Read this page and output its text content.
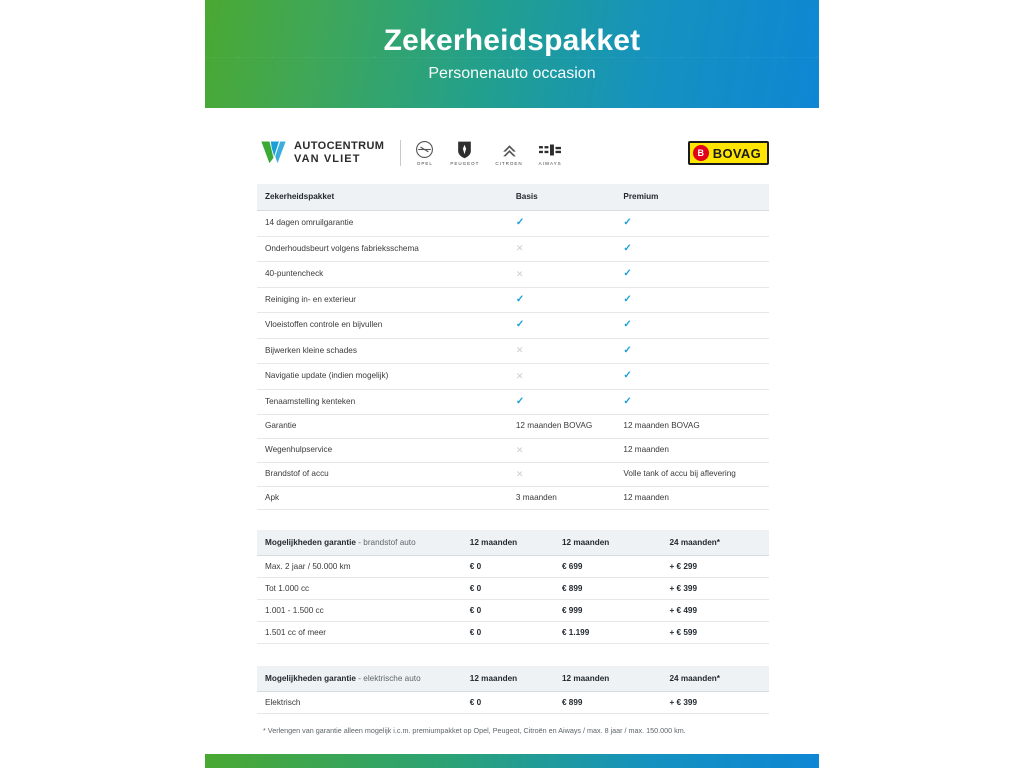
Zekerheidspakket
Personenauto occasion
AUTOCENTRUM
VAN VLIET	OPEL	PEUGEOT	CITROEN	AIWAYS
B BOVAG
Zekerheidspakket	Basis	Premium
14 dagen omruilgarantie	✓	✓
Onderhoudsbeurt volgens fabrieksschema	✕	✓
40-puntencheck	✕	✓
Reiniging in- en exterieur	✓	✓
Vloeistoffen controle en bijvullen	✓	✓
Bijwerken kleine schades	✕	✓
Navigatie update (indien mogelijk)	✕	✓
Tenaamstelling kenteken	✓	✓
Garantie	12 maanden BOVAG	12 maanden BOVAG
Wegenhulpservice	✕	12 maanden
Brandstof of accu	✕	Volle tank of accu bij aflevering
Apk	3 maanden	12 maanden
Mogelijkheden garantie - brandstof auto	12 maanden	12 maanden	24 maanden*
Max. 2 jaar / 50.000 km	€ 0	€ 699	+ € 299
Tot 1.000 cc	€ 0	€ 899	+ € 399
1.001 - 1.500 cc	€ 0	€ 999	+ € 499
1.501 cc of meer	€ 0	€ 1.199	+ € 599
Mogelijkheden garantie - elektrische auto	12 maanden	12 maanden	24 maanden*
Elektrisch	€ 0	€ 899	+ € 399
* Verlengen van garantie alleen mogelijk i.c.m. premiumpakket op Opel, Peugeot, Citroën en Aiways / max. 8 jaar / max. 150.000 km.
